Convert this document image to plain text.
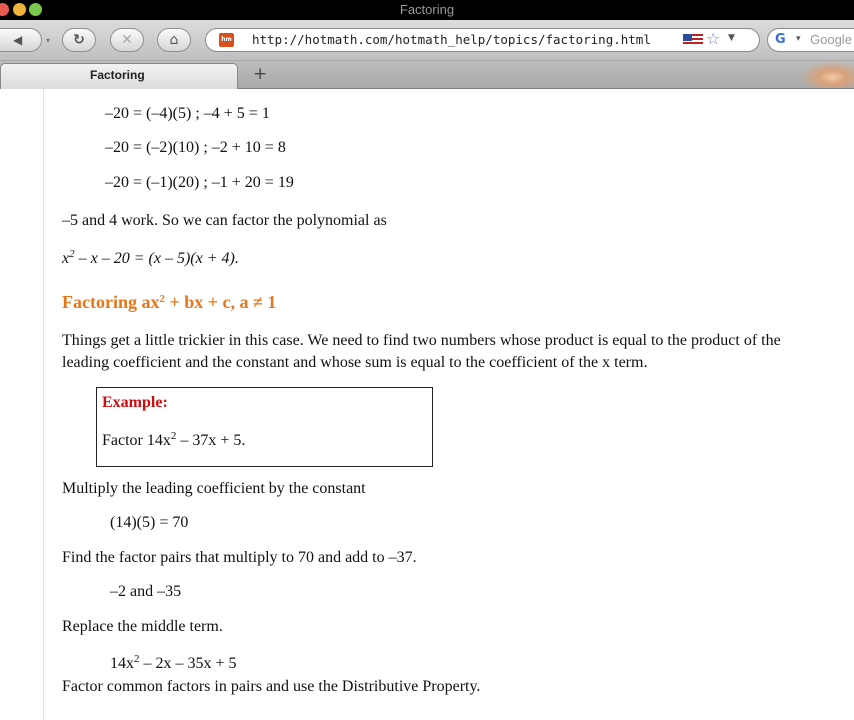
Factoring
◀	▾	↻	✕	⌂	hm http://hotmath.com/hotmath_help/topics/factoring.html	☆ ▼	G	▾ Google
Factoring	+
–20 = (–4)(5) ; –4 + 5 = 1
–20 = (–2)(10) ; –2 + 10 = 8
–20 = (–1)(20) ; –1 + 20 = 19
–5 and 4 work. So we can factor the polynomial as
$x^2 - x - 20 = (x - 5)(x + 4)$.
Factoring $ax^2$ + bx + c, a ≠ 1
Things get a little trickier in this case. We need to find two numbers whose product is equal to the product of the
leading coefficient and the constant and whose sum is equal to the coefficient of the x term.
Example:
Factor $14x^2 - 37x + 5$.
Multiply the leading coefficient by the constant
(14)(5) = 70
Find the factor pairs that multiply to 70 and add to –37.
–2 and –35
Replace the middle term.
$14x^2 - 2x - 35x + 5$
Factor common factors in pairs and use the Distributive Property.
